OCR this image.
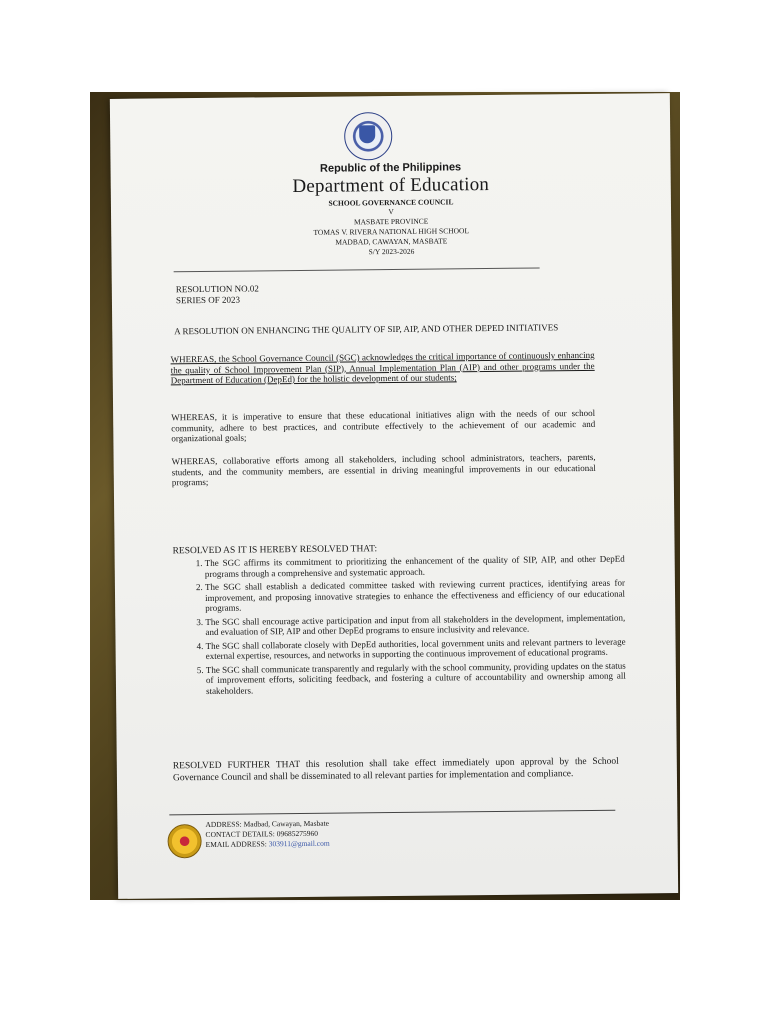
Republic of the Philippines
Department of Education
SCHOOL GOVERNANCE COUNCIL
V
MASBATE PROVINCE
TOMAS V. RIVERA NATIONAL HIGH SCHOOL
MADBAD, CAWAYAN, MASBATE
S/Y 2023-2026
RESOLUTION NO.02
SERIES OF 2023
A RESOLUTION ON ENHANCING THE QUALITY OF SIP, AIP, AND OTHER DEPED INITIATIVES
WHEREAS, the School Governance Council (SGC) acknowledges the critical importance of continuously enhancing the quality of School Improvement Plan (SIP), Annual Implementation Plan (AIP) and other programs under the Department of Education (DepEd) for the holistic development of our students;
WHEREAS, it is imperative to ensure that these educational initiatives align with the needs of our school community, adhere to best practices, and contribute effectively to the achievement of our academic and organizational goals;
WHEREAS, collaborative efforts among all stakeholders, including school administrators, teachers, parents, students, and the community members, are essential in driving meaningful improvements in our educational programs;
RESOLVED AS IT IS HEREBY RESOLVED THAT:
1. The SGC affirms its commitment to prioritizing the enhancement of the quality of SIP, AIP, and other DepEd programs through a comprehensive and systematic approach.
2. The SGC shall establish a dedicated committee tasked with reviewing current practices, identifying areas for improvement, and proposing innovative strategies to enhance the effectiveness and efficiency of our educational programs.
3. The SGC shall encourage active participation and input from all stakeholders in the development, implementation, and evaluation of SIP, AIP and other DepEd programs to ensure inclusivity and relevance.
4. The SGC shall collaborate closely with DepEd authorities, local government units and relevant partners to leverage external expertise, resources, and networks in supporting the continuous improvement of educational programs.
5. The SGC shall communicate transparently and regularly with the school community, providing updates on the status of improvement efforts, soliciting feedback, and fostering a culture of accountability and ownership among all stakeholders.
RESOLVED FURTHER THAT this resolution shall take effect immediately upon approval by the School Governance Council and shall be disseminated to all relevant parties for implementation and compliance.
ADDRESS: Madbad, Cawayan, Masbate
CONTACT DETAILS: 09685275960
EMAIL ADDRESS: 303911@gmail.com
